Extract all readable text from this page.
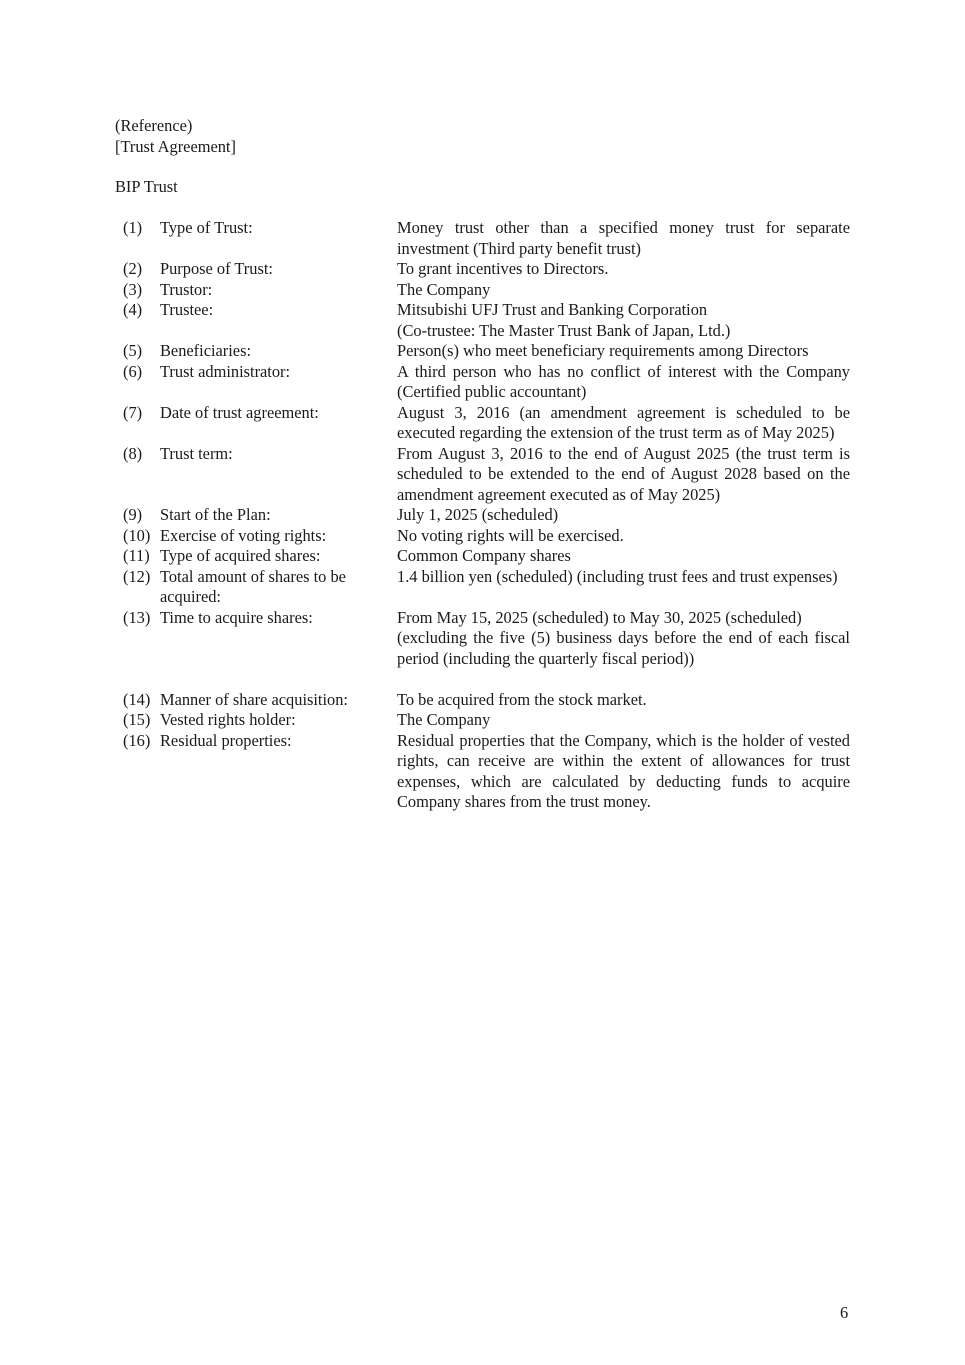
(Reference)
[Trust Agreement]
BIP Trust
(1)	Type of Trust:	Money trust other than a specified money trust for separate investment (Third party benefit trust)
(2)	Purpose of Trust:	To grant incentives to Directors.
(3)	Trustor:	The Company
(4)	Trustee:	Mitsubishi UFJ Trust and Banking Corporation
(Co-trustee: The Master Trust Bank of Japan, Ltd.)
(5)	Beneficiaries:	Person(s) who meet beneficiary requirements among Directors
(6)	Trust administrator:	A third person who has no conflict of interest with the Company (Certified public accountant)
(7)	Date of trust agreement:	August 3, 2016 (an amendment agreement is scheduled to be executed regarding the extension of the trust term as of May 2025)
(8)	Trust term:	From August 3, 2016 to the end of August 2025 (the trust term is scheduled to be extended to the end of August 2028 based on the amendment agreement executed as of May 2025)
(9)	Start of the Plan:	July 1, 2025 (scheduled)
(10) Exercise of voting rights:	No voting rights will be exercised.
(11) Type of acquired shares:	Common Company shares
(12) Total amount of shares to be acquired:
1.4 billion yen (scheduled) (including trust fees and trust expenses)
(13) Time to acquire shares:	From May 15, 2025 (scheduled) to May 30, 2025 (scheduled)
(excluding the five (5) business days before the end of each fiscal period (including the quarterly fiscal period))

(14) Manner of share acquisition:	To be acquired from the stock market.
(15) Vested rights holder:	The Company
(16) Residual properties:	Residual properties that the Company, which is the holder of vested rights, can receive are within the extent of allowances for trust expenses, which are calculated by deducting funds to acquire Company shares from the trust money.
6
